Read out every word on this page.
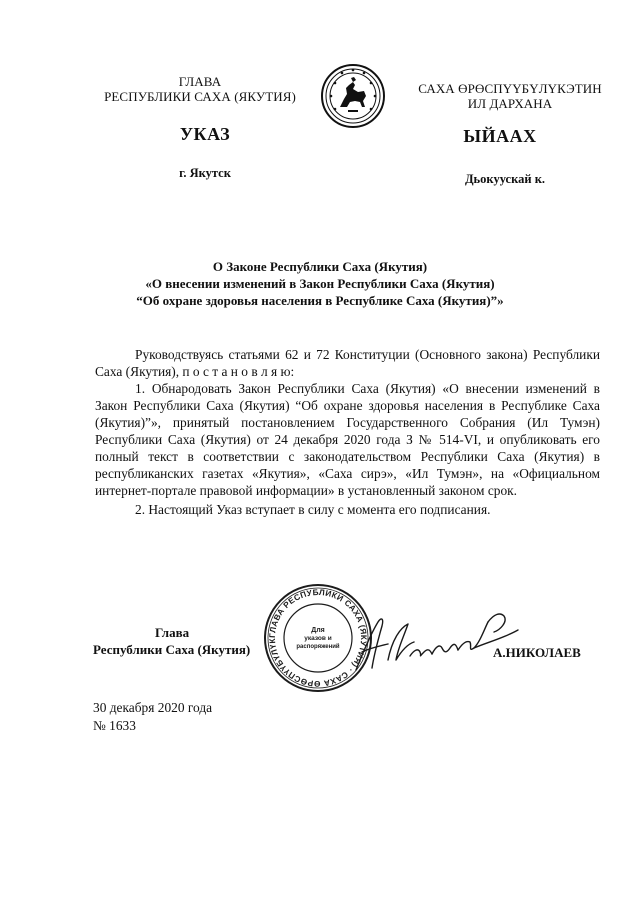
ГЛАВА
РЕСПУБЛИКИ САХА (ЯКУТИЯ)
САХА ӨРӨСПҮҮБҮЛҮКЭТИН
ИЛ ДАРХАНА
УКАЗ	ЫЙААХ
г. Якутск	Дьокуускай к.
О Законе Республики Саха (Якутия)
«О внесении изменений в Закон Республики Саха (Якутия)
“Об охране здоровья населения в Республике Саха (Якутия)”»

Руководствуясь статьями 62 и 72 Конституции (Основного закона) Республики Саха (Якутия), п о с т а н о в л я ю:

1. Обнародовать Закон Республики Саха (Якутия) «О внесении изменений в Закон Республики Саха (Якутия) “Об охране здоровья населения в Республике Саха (Якутия)”», принятый постановлением Государственного Собрания (Ил Тумэн) Республики Саха (Якутия) от 24 декабря 2020 года З № 514-VI, и опубликовать его полный текст в соответствии с законодательством Республики Саха (Якутия) в республиканских газетах «Якутия», «Саха сирэ», «Ил Тумэн», на «Официальном интернет-портале правовой информации» в установленный законом срок.

2. Настоящий Указ вступает в силу с момента его подписания.

Глава
Республики Саха (Якутия)
ГЛАВА РЕСПУБЛИКИ САХА (ЯКУТИЯ) · САХА ӨРӨСПҮҮБҮЛҮК
Для
указов и
распоряжений	А.НИКОЛАЕВ
30 декабря 2020 года
№ 1633
